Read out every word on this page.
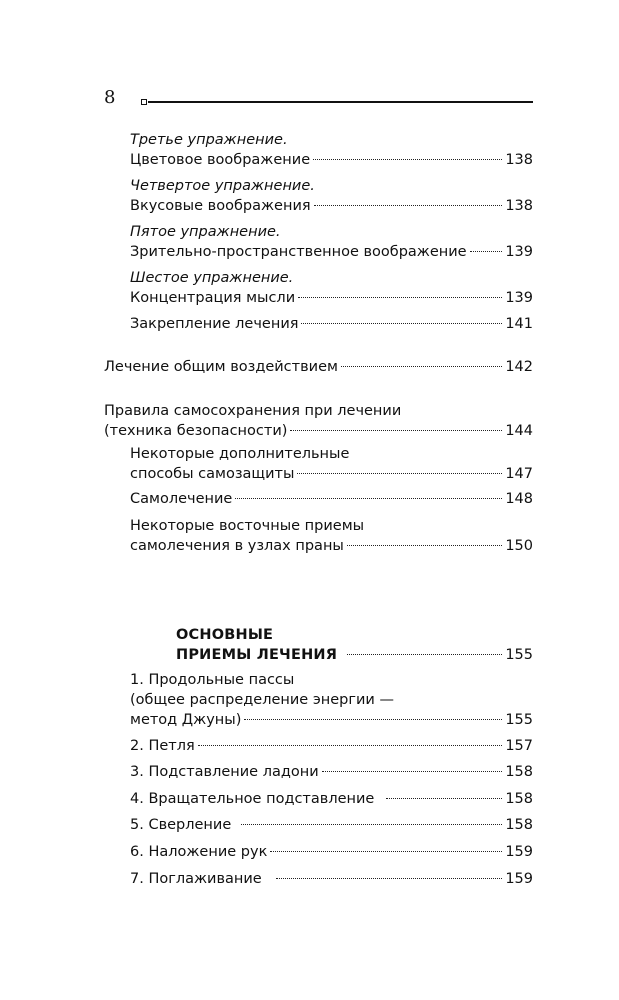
8
Третье упражнение.
Цветовое воображение	138
Четвертое упражнение.
Вкусовые воображения	138
Пятое упражнение.
Зрительно-пространственное воображение	139
Шестое упражнение.
Концентрация мысли	139
Закрепление лечения	141
Лечение общим воздействием	142
Правила самосохранения при лечении
(техника безопасности)	144
Некоторые дополнительные
способы самозащиты	147
Самолечение	148
Некоторые восточные приемы
самолечения в узлах праны	150
ОСНОВНЫЕ
ПРИЕМЫ ЛЕЧЕНИЯ	155
1. Продольные пассы
(общее распределение энергии —
метод Джуны)	155
2. Петля	157
3. Подставление ладони	158
4. Вращательное подставление	158
5. Сверление	158
6. Наложение рук	159
7. Поглаживание	159
